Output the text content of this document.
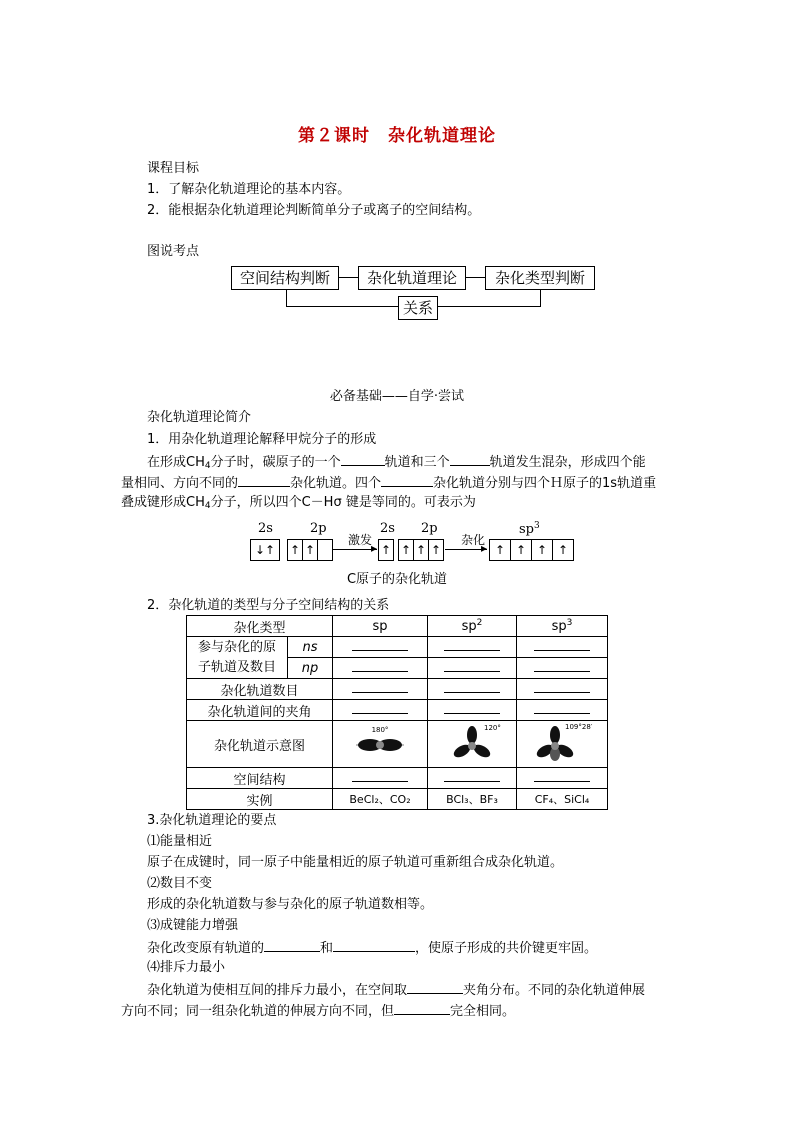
第２课时　杂化轨道理论
课程目标
1．了解杂化轨道理论的基本内容。
2．能根据杂化轨道理论判断简单分子或离子的空间结构。
图说考点
空间结构判断	杂化轨道理论	杂化类型判断
关系
必备基础——自学·尝试
杂化轨道理论简介
1．用杂化轨道理论解释甲烷分子的形成
在形成$CH_4$分子时，碳原子的一个	轨道和三个	轨道发生混杂，形成四个能
量相同、方向不同的	杂化轨道。四个	杂化轨道分别与四个Ｈ原子的1s轨道重
叠成键形成$CH_4$分子，所以四个C－Hσ 键是等同的。可表示为
2s	2p	2s 2p	$sp^3$
↓↑	↑ ↑
激发
▸ ↑ ↑ ↑ ↑
杂化
▸ ↑ ↑ ↑ ↑
C原子的杂化轨道
2．杂化轨道的类型与分子空间结构的关系
杂化类型		sp	$sp^2$	$sp^3$
参与杂化的原
子轨道及数目	ns			
	np			
杂化轨道数目				
杂化轨道间的夹角				
杂化轨道示意图		180°	120°	109°28′

空间结构				
实例		BeCl₂、CO₂	BCl₃、BF₃	CF₄、SiCl₄
3.杂化轨道理论的要点
⑴能量相近
原子在成键时，同一原子中能量相近的原子轨道可重新组合成杂化轨道。
⑵数目不变
形成的杂化轨道数与参与杂化的原子轨道数相等。
⑶成键能力增强
杂化改变原有轨道的	和	，使原子形成的共价键更牢固。
⑷排斥力最小
杂化轨道为使相互间的排斥力最小，在空间取	夹角分布。不同的杂化轨道伸展
方向不同；同一组杂化轨道的伸展方向不同，但	完全相同。
